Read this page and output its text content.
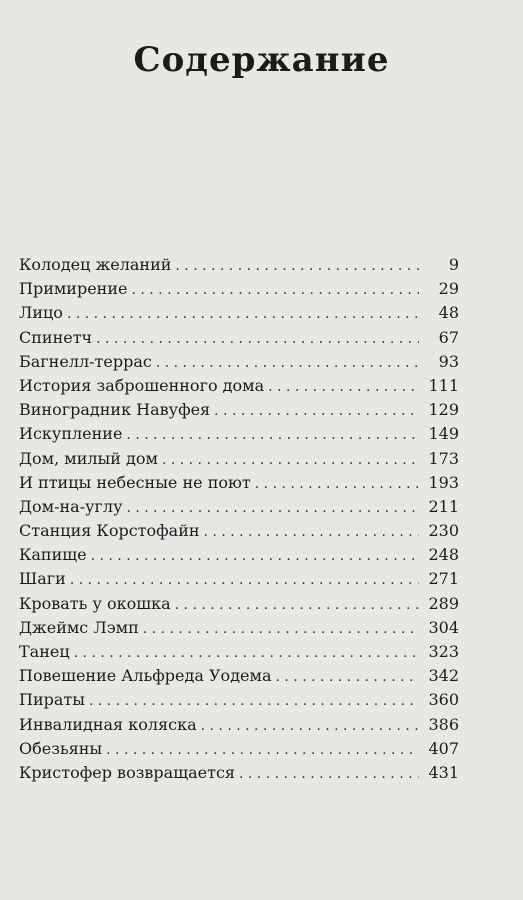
Содержание
Колодец желаний . . .	9
Примирение . . .	29
Лицо . . .	48
Спинетч . . .	67
Багнелл-террас . . .	93
История заброшенного дома . . .	111
Виноградник Навуфея . . .	129
Искупление . . .	149
Дом, милый дом . . .	173
И птицы небесные не поют . . .	193
Дом-на-углу . . .	211
Станция Корстофайн . . .	230
Капище . . .	248
Шаги . . .	271
Кровать у окошка . . .	289
Джеймс Лэмп . . .	304
Танец . . .	323
Повешение Альфреда Уодема . . .	342
Пираты . . .	360
Инвалидная коляска . . .	386
Обезьяны . . .	407
Кристофер возвращается . . .	431
